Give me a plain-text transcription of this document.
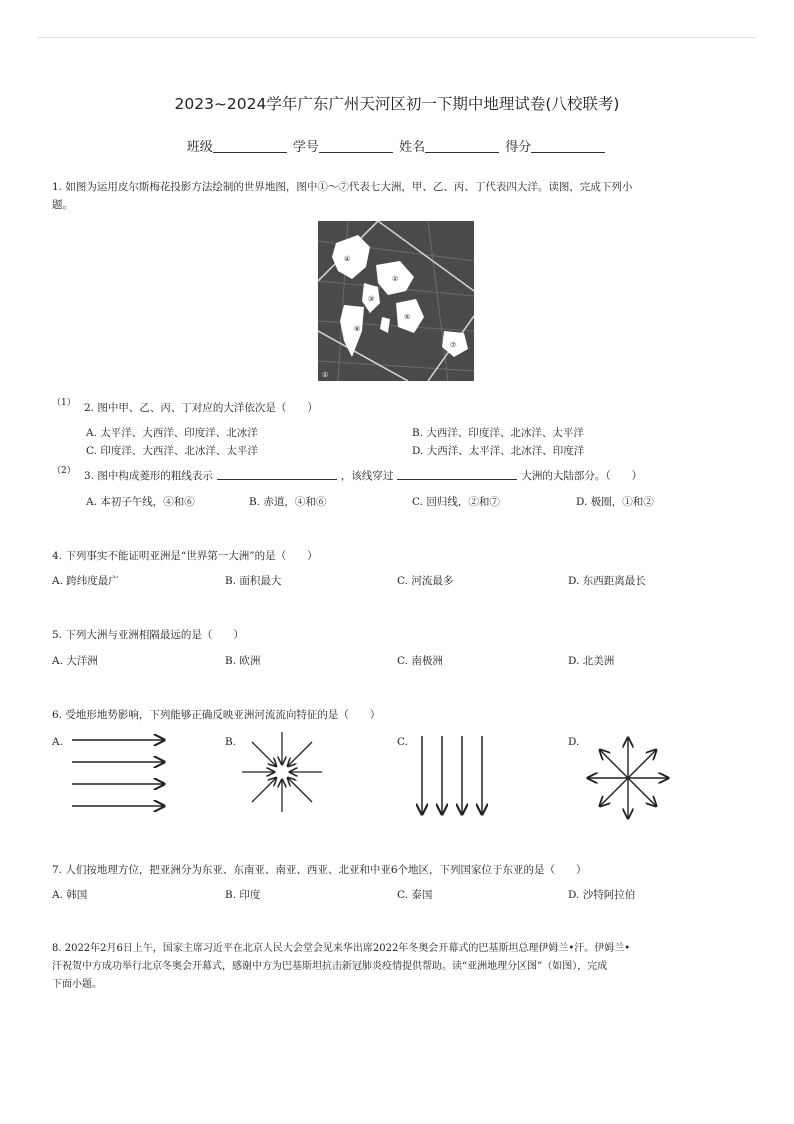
2023~2024学年广东广州天河区初一下期中地理试卷(八校联考)
班级	学号	姓名	得分
1. 如图为运用皮尔斯梅花投影方法绘制的世界地图，图中①～⑦代表七大洲，甲、乙、丙、丁代表四大洋。读图，完成下列小
题。
④
②
③
⑥
⑤
①
⑦
（1） 2. 图中甲、乙、丙、丁对应的大洋依次是（　　）
A. 太平洋、大西洋、印度洋、北冰洋	B. 大西洋、印度洋、北冰洋、太平洋
C. 印度洋、大西洋、北冰洋、太平洋	D. 大西洋、太平洋、北冰洋、印度洋
（2） 3. 图中构成菱形的粗线表示	，该线穿过	大洲的大陆部分。（　　）
A. 本初子午线，④和⑥	B. 赤道，④和⑥	C. 回归线，②和⑦	D. 极圈，①和②
4. 下列事实不能证明亚洲是“世界第一大洲”的是（　　）
A. 跨纬度最广	B. 面积最大	C. 河流最多	D. 东西距离最长
5. 下列大洲与亚洲相隔最远的是（　　）
A. 大洋洲	B. 欧洲	C. 南极洲	D. 北美洲
6. 受地形地势影响，下列能够正确反映亚洲河流流向特征的是（　　）
A.	B.	C.	D.
7. 人们按地理方位，把亚洲分为东亚、东南亚、南亚、西亚、北亚和中亚6个地区，下列国家位于东亚的是（　　）
A. 韩国	B. 印度	C. 泰国	D. 沙特阿拉伯
8. 2022年2月6日上午，国家主席习近平在北京人民大会堂会见来华出席2022年冬奥会开幕式的巴基斯坦总理伊姆兰•汗。伊姆兰•
汗祝贺中方成功举行北京冬奥会开幕式，感谢中方为巴基斯坦抗击新冠肺炎疫情提供帮助。读“亚洲地理分区图”（如图），完成
下面小题。
